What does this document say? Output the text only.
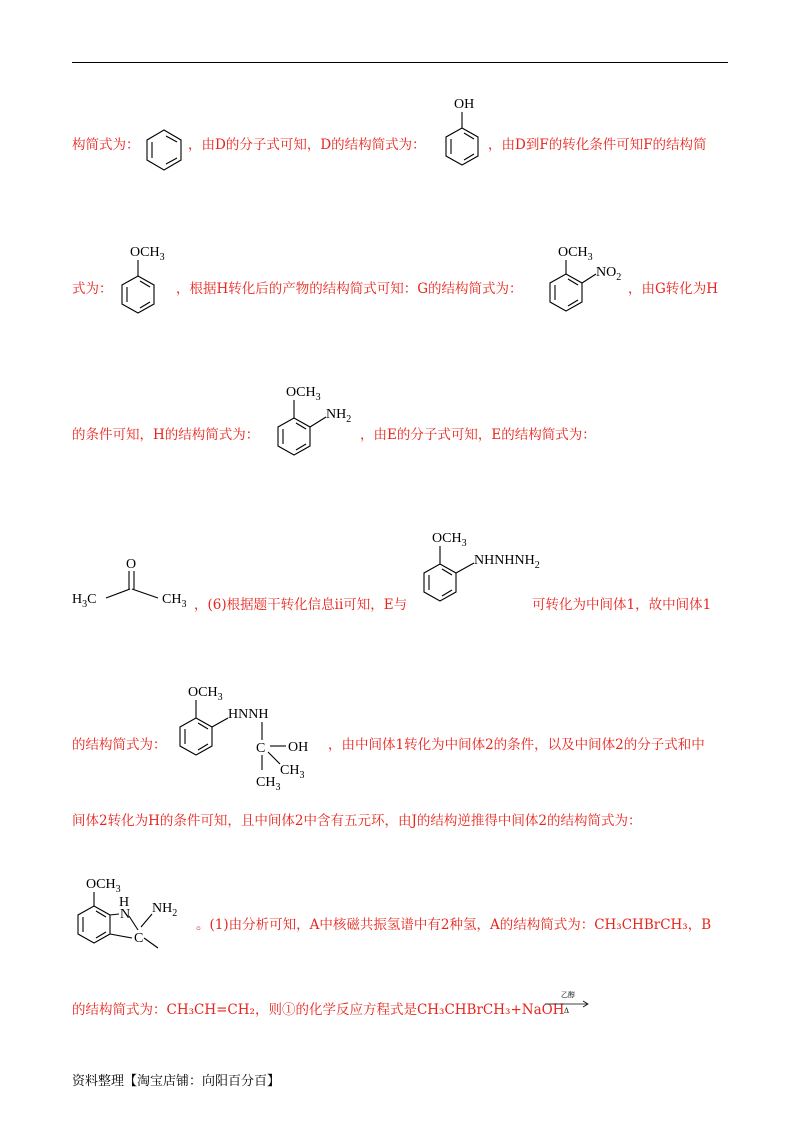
构简式为：	，由D的分子式可知，D的结构简式为：
OH
，由D到F的转化条件可知F的结构简
式为：
$OCH_3$
，根据H转化后的产物的结构简式可知：G的结构简式为：
$OCH_3$
$NO_2$
，由G转化为H
的条件可知，H的结构简式为：
$OCH_3$
$NH_2$
，由E的分子式可知，E的结构简式为：
O
$H_3C$	$CH_3$ ，(6)根据题干转化信息ii可知，E与
$OCH_3$
$NHNHNH_2$
可转化为中间体1，故中间体1
的结构简式为：
$OCH_3$
HNNH
C OH
$CH_3$
$CH_3$
，由中间体1转化为中间体2的条件，以及中间体2的分子式和中
间体2转化为H的条件可知，且中间体2中含有五元环，由J的结构逆推得中间体2的结构简式为：
$OCH_3$
H
N
C
$NH_2$
。(1)由分析可知，A中核磁共振氢谱中有2种氢，A的结构简式为：CH₃CHBrCH₃，B
的结构简式为：CH₃CH=CH₂，则①的化学反应方程式是CH₃CHBrCH₃+NaOH
乙醇
Δ
资料整理【淘宝店铺：向阳百分百】
